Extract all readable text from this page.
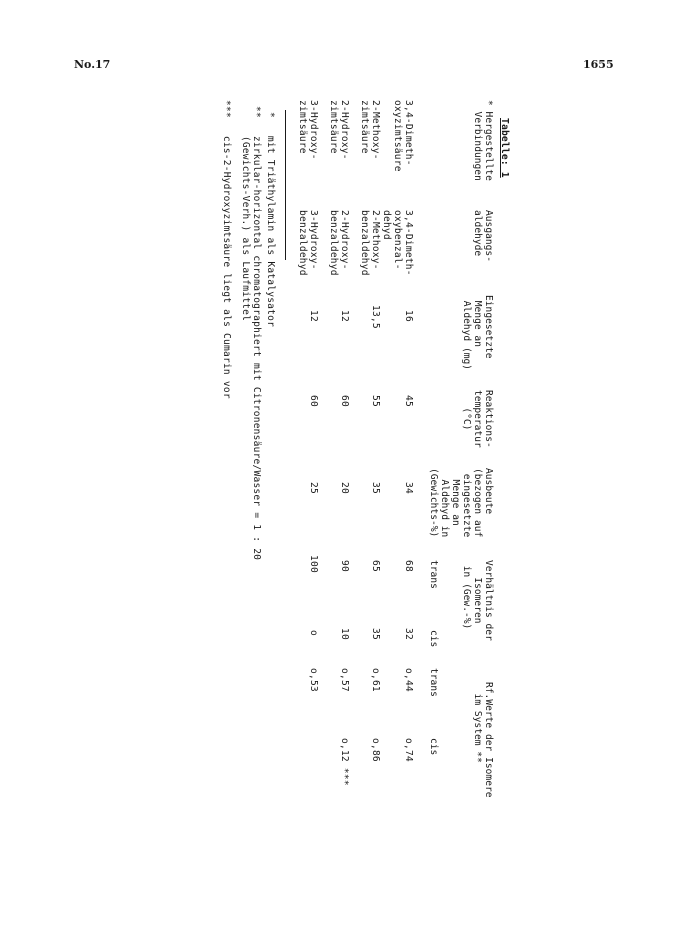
No.17	1655
Tabelle: 1
* Hergestellte
Verbindungen
Ausgangs-
aldehyde
Eingesetzte
Menge an
Aldehyd (mg)
Reaktions-
temperatur
(°C)
Ausbeute
(bezogen auf
eingesetzte
Menge an
Aldehyd in
(Gewichts-%)
Verhältnis der
Isomeren
in (Gew.-%)
trans
cis
Rf.Werte der Isomere
im System **
trans
cis
3,4-Dimeth-
oxyzimtsäure
3,4-Dimeth-
oxybenzal-
dehyd
16
45
34
68
32
o,44
o,74
2-Methoxy-
zimtsäure
2-Methoxy-
benzaldehyd
13,5
55
35
65
35
o,61
o,86
2-Hydroxy-
zimtsäure
2-Hydroxy-
benzaldehyd
12
60
20
90
10
o,57
o,12 ***
3-Hydroxy-
zimtsäure
3-Hydroxy-
benzaldehyd
12
60
25
100
o
o,53
*   mit Triäthylamin als Katalysator
**   zirkular-horizontal chromatographiert mit Citronensäure/Wasser = 1 : 20
(Gewichts-Verh.) als Laufmittel
***   cis-2-Hydroxyzimtsäure liegt als Cumarin vor
